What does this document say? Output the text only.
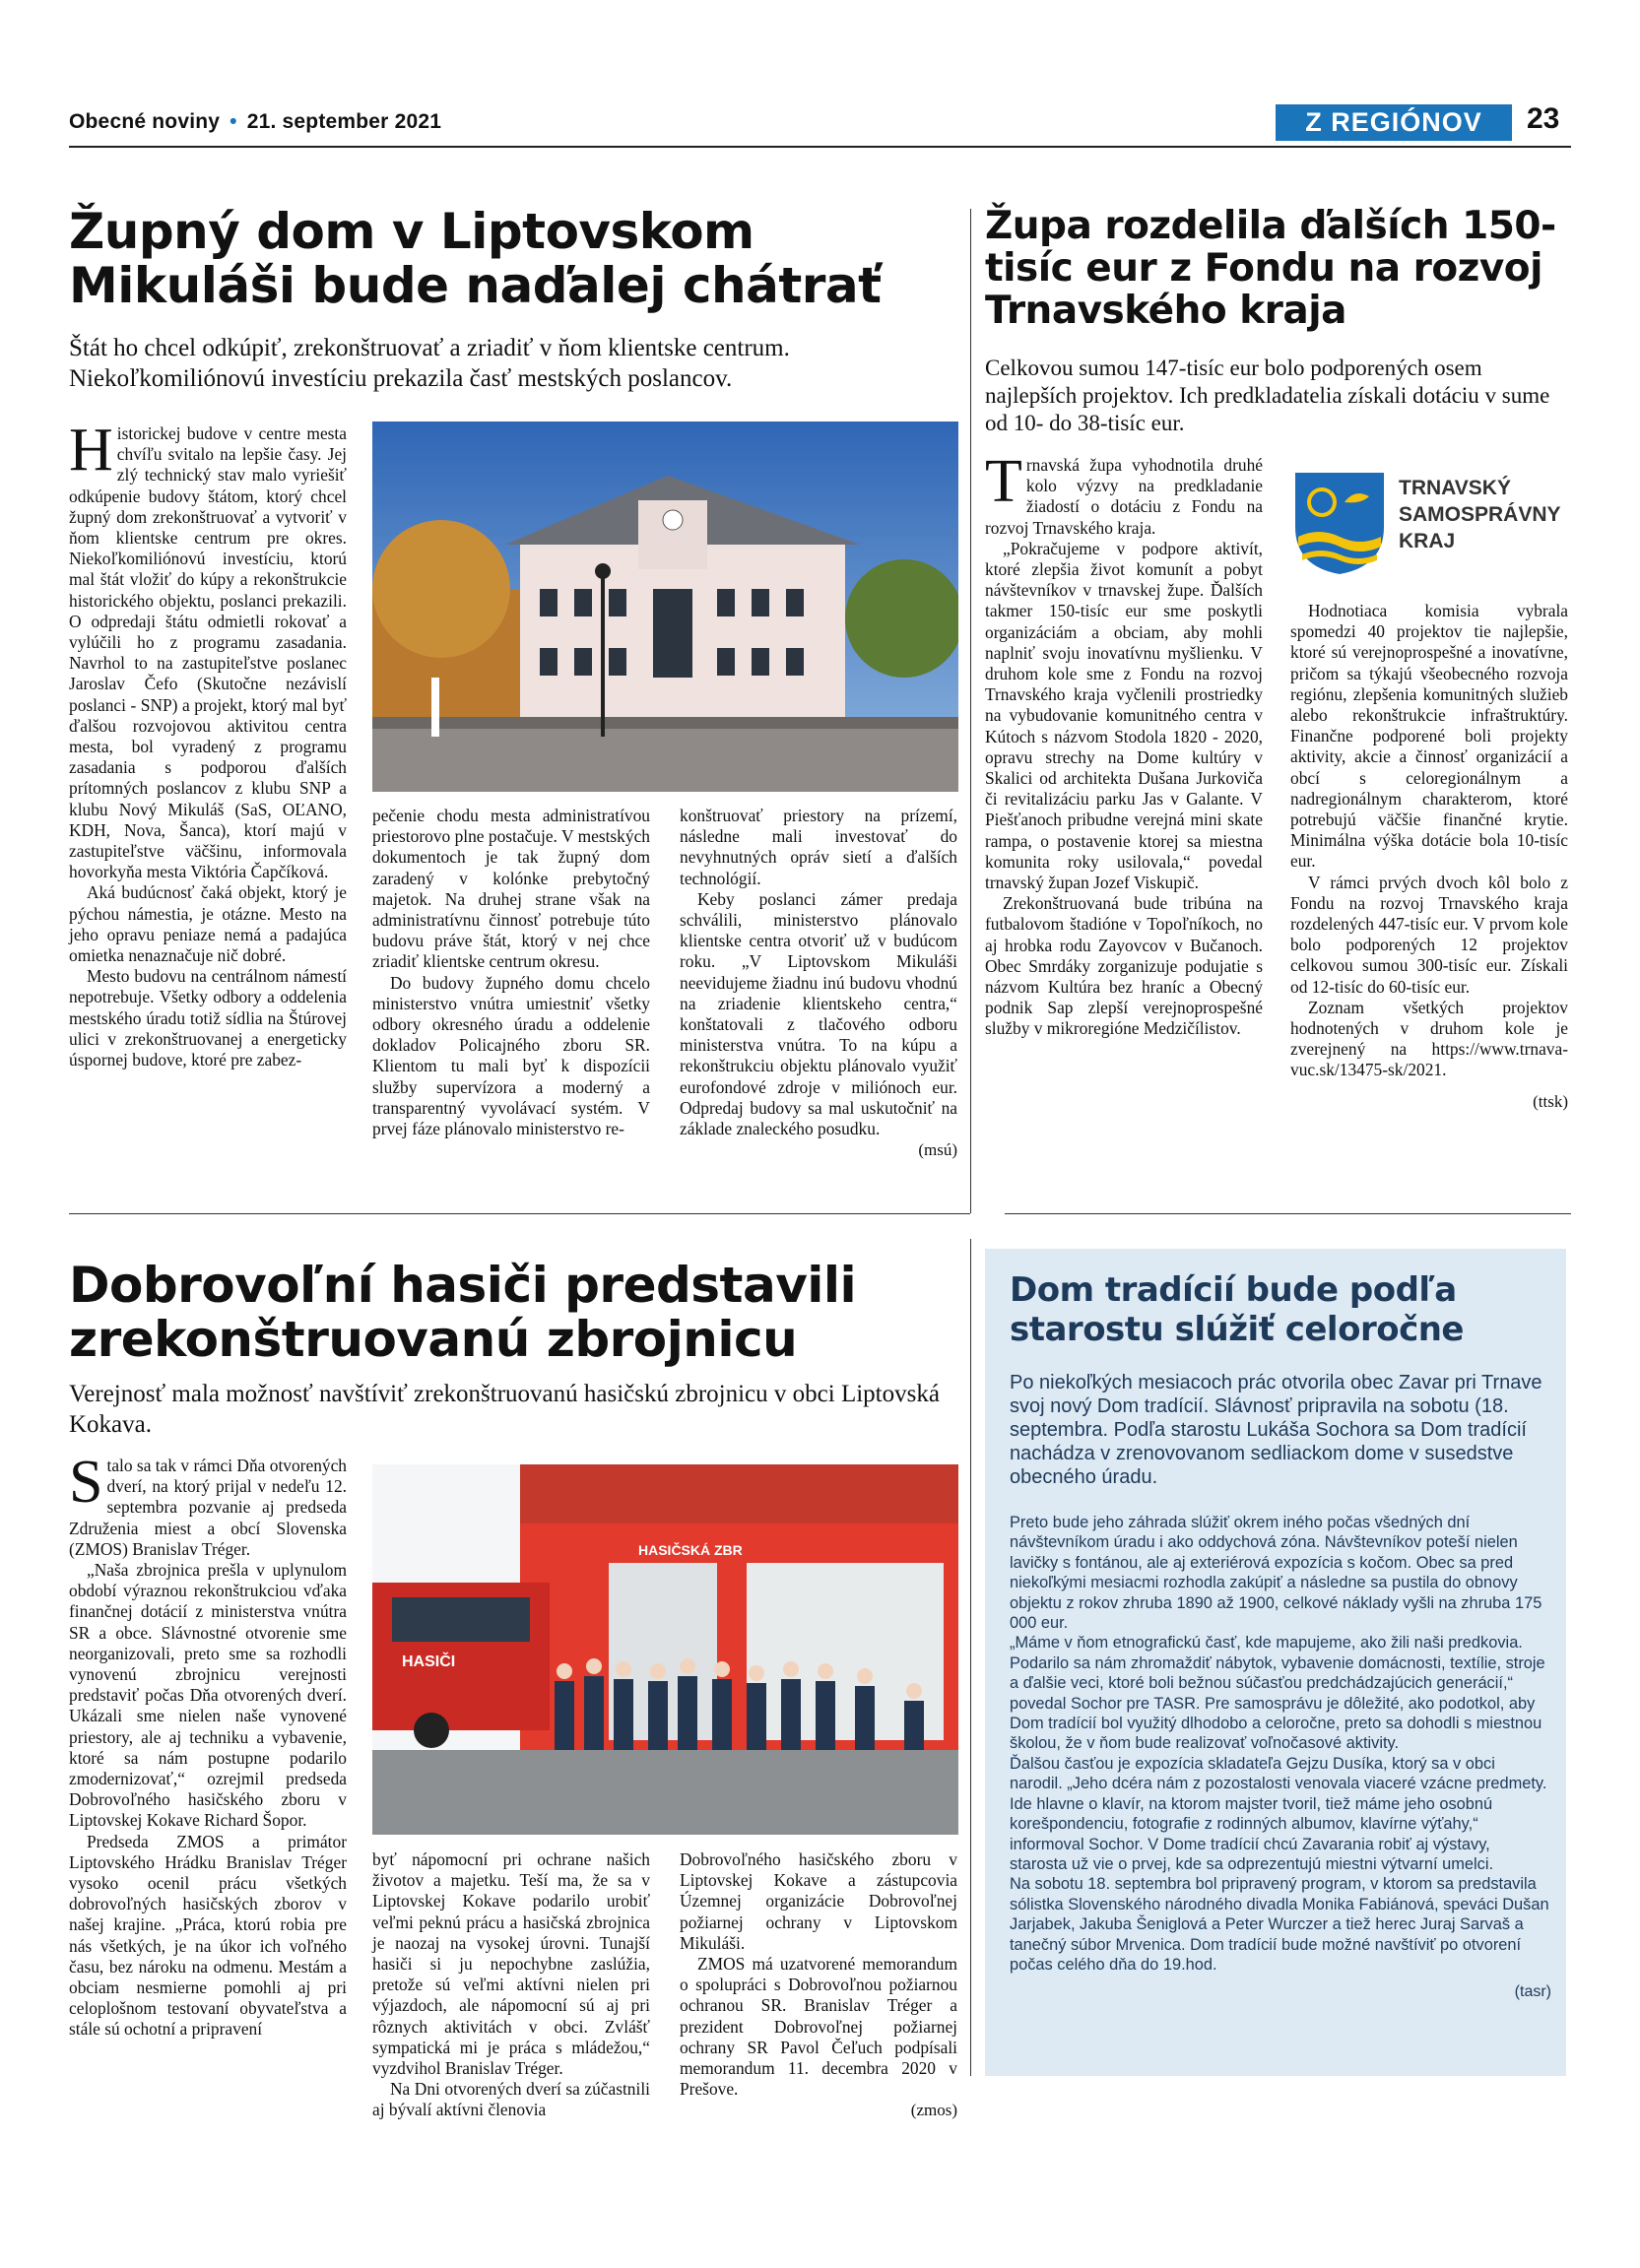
Obecné noviny • 21. september 2021	Z REGIÓNOV	23
Župný dom v Liptovskom Mikuláši bude naďalej chátrať
Štát ho chcel odkúpiť, zrekonštruovať a zriadiť v ňom klientske centrum. Niekoľkomiliónovú investíciu prekazila časť mestských poslancov.

Historickej budove v centre mesta chvíľu svitalo na lepšie časy. Jej zlý technický stav malo vyriešiť odkúpenie budovy štátom, ktorý chcel župný dom zrekonštruovať a vytvoriť v ňom klientske centrum pre okres. Niekoľkomiliónovú investíciu, ktorú mal štát vložiť do kúpy a rekonštrukcie historického objektu, poslanci prekazili. O odpredaji štátu odmietli rokovať a vylúčili ho z programu zasadania. Navrhol to na zastupiteľstve poslanec Jaroslav Čefo (Skutočne nezávislí poslanci - SNP) a projekt, ktorý mal byť ďalšou rozvojovou aktivitou centra mesta, bol vyradený z programu zasadania s podporou ďalších prítomných poslancov z klubu SNP a klubu Nový Mikuláš (SaS, OĽANO, KDH, Nova, Šanca), ktorí majú v zastupiteľstve väčšinu, informovala hovorkyňa mesta Viktória Čapčíková.

Aká budúcnosť čaká objekt, ktorý je pýchou námestia, je otázne. Mesto na jeho opravu peniaze nemá a padajúca omietka nenaznačuje nič dobré.

Mesto budovu na centrálnom námestí nepotrebuje. Všetky odbory a oddelenia mestského úradu totiž sídlia na Štúrovej ulici v zrekonštruovanej a energeticky úspornej budove, ktoré pre zabez-

pečenie chodu mesta administratívou priestorovo plne postačuje. V mestských dokumentoch je tak župný dom zaradený v kolónke prebytočný majetok. Na druhej strane však na administratívnu činnosť potrebuje túto budovu práve štát, ktorý v nej chce zriadiť klientske centrum okresu.

Do budovy župného domu chcelo ministerstvo vnútra umiestniť všetky odbory okresného úradu a oddelenie dokladov Policajného zboru SR. Klientom tu mali byť k dispozícii služby supervízora a moderný a transparentný vyvolávací systém. V prvej fáze plánovalo ministerstvo re-

konštruovať priestory na prízemí, následne mali investovať do nevyhnutných opráv sietí a ďalších technológií.

Keby poslanci zámer predaja schválili, ministerstvo plánovalo klientske centra otvoriť už v budúcom roku. „V Liptovskom Mikuláši neevidujeme žiadnu inú budovu vhodnú na zriadenie klientskeho centra,“ konštatovali z tlačového odboru ministerstva vnútra. To na kúpu a rekonštrukciu objektu plánovalo využiť eurofondové zdroje v miliónoch eur. Odpredaj budovy sa mal uskutočniť na základe znaleckého posudku.

(msú)
Župa rozdelila ďalších 150-tisíc eur z Fondu na rozvoj Trnavského kraja
Celkovou sumou 147-tisíc eur bolo podporených osem najlepších projektov. Ich predkladatelia získali dotáciu v sume od 10- do 38-tisíc eur.
TRNAVSKÝ
SAMOSPRÁVNY
KRAJ

Trnavská župa vyhodnotila druhé kolo výzvy na predkladanie žiadostí o dotáciu z Fondu na rozvoj Trnavského kraja.

„Pokračujeme v podpore aktivít, ktoré zlepšia život komunít a pobyt návštevníkov v trnavskej župe. Ďalších takmer 150-tisíc eur sme poskytli organizáciám a obciam, aby mohli naplniť svoju inovatívnu myšlienku. V druhom kole sme z Fondu na rozvoj Trnavského kraja vyčlenili prostriedky na vybudovanie komunitného centra v Kútoch s názvom Stodola 1820 - 2020, opravu strechy na Dome kultúry v Skalici od architekta Dušana Jurkoviča či revitalizáciu parku Jas v Galante. V Piešťanoch pribudne verejná mini skate rampa, o postavenie ktorej sa miestna komunita roky usilovala,“ povedal trnavský župan Jozef Viskupič.

Zrekonštruovaná bude tribúna na futbalovom štadióne v Topoľníkoch, no aj hrobka rodu Zayovcov v Bučanoch. Obec Smrdáky zorganizuje podujatie s názvom Kultúra bez hraníc a Obecný podnik Sap zlepší verejnoprospešné služby v mikroregióne Medzičílistov.

Hodnotiaca komisia vybrala spomedzi 40 projektov tie najlepšie, ktoré sú verejnoprospešné a inovatívne, pričom sa týkajú všeobecného rozvoja regiónu, zlepšenia komunitných služieb alebo rekonštrukcie infraštruktúry. Finančne podporené boli projekty aktivity, akcie a činnosť organizácií a obcí s celoregionálnym a nadregionálnym charakterom, ktoré potrebujú väčšie finančné krytie. Minimálna výška dotácie bola 10-tisíc eur.

V rámci prvých dvoch kôl bolo z Fondu na rozvoj Trnavského kraja rozdelených 447-tisíc eur. V prvom kole bolo podporených 12 projektov celkovou sumou 300-tisíc eur. Získali od 12-tisíc do 60-tisíc eur.

Zoznam všetkých projektov hodnotených v druhom kole je zverejnený na https://www.trnava-vuc.sk/13475-sk/2021.

(ttsk)
Dobrovoľní hasiči predstavili zrekonštruovanú zbrojnicu
Verejnosť mala možnosť navštíviť zrekonštruovanú hasičskú zbrojnicu v obci Liptovská Kokava.

Stalo sa tak v rámci Dňa otvorených dverí, na ktorý prijal v nedeľu 12. septembra pozvanie aj predseda Združenia miest a obcí Slovenska (ZMOS) Branislav Tréger.

„Naša zbrojnica prešla v uplynulom období výraznou rekonštrukciou vďaka finančnej dotácií z ministerstva vnútra SR a obce. Slávnostné otvorenie sme neorganizovali, preto sme sa rozhodli vynovenú zbrojnicu verejnosti predstaviť počas Dňa otvorených dverí. Ukázali sme nielen naše vynovené priestory, ale aj techniku a vybavenie, ktoré sa nám postupne podarilo zmodernizovať,“ ozrejmil predseda Dobrovoľného hasičského zboru v Liptovskej Kokave Richard Šopor.

Predseda ZMOS a primátor Liptovského Hrádku Branislav Tréger vysoko ocenil prácu všetkých dobrovoľných hasičských zborov v našej krajine. „Práca, ktorú robia pre nás všetkých, je na úkor ich voľného času, bez nároku na odmenu. Mestám a obciam nesmierne pomohli aj pri celoplošnom testovaní obyvateľstva a stále sú ochotní a pripravení

HASIČSKÁ ZBR
HASIČI

byť nápomocní pri ochrane našich životov a majetku. Teší ma, že sa v Liptovskej Kokave podarilo urobiť veľmi peknú prácu a hasičská zbrojnica je naozaj na vysokej úrovni. Tunajší hasiči si ju nepochybne zaslúžia, pretože sú veľmi aktívni nielen pri výjazdoch, ale nápomocní sú aj pri rôznych aktivitách v obci. Zvlášť sympatická mi je práca s mládežou,“ vyzdvihol Branislav Tréger.

Na Dni otvorených dverí sa zúčastnili aj bývalí aktívni členovia

Dobrovoľného hasičského zboru v Liptovskej Kokave a zástupcovia Územnej organizácie Dobrovoľnej požiarnej ochrany v Liptovskom Mikuláši.

ZMOS má uzatvorené memorandum o spolupráci s Dobrovoľnou požiarnou ochranou SR. Branislav Tréger a prezident Dobrovoľnej požiarnej ochrany SR Pavol Čeľuch podpísali memorandum 11. decembra 2020 v Prešove.

(zmos)
Dom tradícií bude podľa starostu slúžiť celoročne
Po niekoľkých mesiacoch prác otvorila obec Zavar pri Trnave svoj nový Dom tradícií. Slávnosť pripravila na sobotu (18. septembra. Podľa starostu Lukáša Sochora sa Dom tradícií nachádza v zrenovovanom sedliackom dome v susedstve obecného úradu.

Preto bude jeho záhrada slúžiť okrem iného počas všedných dní návštevníkom úradu i ako oddychová zóna. Návštevníkov poteší nielen lavičky s fontánou, ale aj exteriérová expozícia s kočom. Obec sa pred niekoľkými mesiacmi rozhodla zakúpiť a následne sa pustila do obnovy objektu z rokov zhruba 1890 až 1900, celkové náklady vyšli na zhruba 175 000 eur.

„Máme v ňom etnografickú časť, kde mapujeme, ako žili naši predkovia. Podarilo sa nám zhromaždiť nábytok, vybavenie domácnosti, textílie, stroje a ďalšie veci, ktoré boli bežnou súčasťou predchádzajúcich generácií,“ povedal Sochor pre TASR. Pre samosprávu je dôležité, ako podotkol, aby Dom tradícií bol využitý dlhodobo a celoročne, preto sa dohodli s miestnou školou, že v ňom bude realizovať voľnočasové aktivity.

Ďalšou časťou je expozícia skladateľa Gejzu Dusíka, ktorý sa v obci narodil. „Jeho dcéra nám z pozostalosti venovala viaceré vzácne predmety. Ide hlavne o klavír, na ktorom majster tvoril, tiež máme jeho osobnú korešpondenciu, fotografie z rodinných albumov, klavírne výťahy,“ informoval Sochor. V Dome tradícií chcú Zavarania robiť aj výstavy, starosta už vie o prvej, kde sa odprezentujú miestni výtvarní umelci.

Na sobotu 18. septembra bol pripravený program, v ktorom sa predstavila sólistka Slovenského národného divadla Monika Fabiánová, speváci Dušan Jarjabek, Jakuba Šeniglová a Peter Wurczer a tiež herec Juraj Sarvaš a tanečný súbor Mrvenica. Dom tradícií bude možné navštíviť po otvorení počas celého dňa do 19.hod.

(tasr)
